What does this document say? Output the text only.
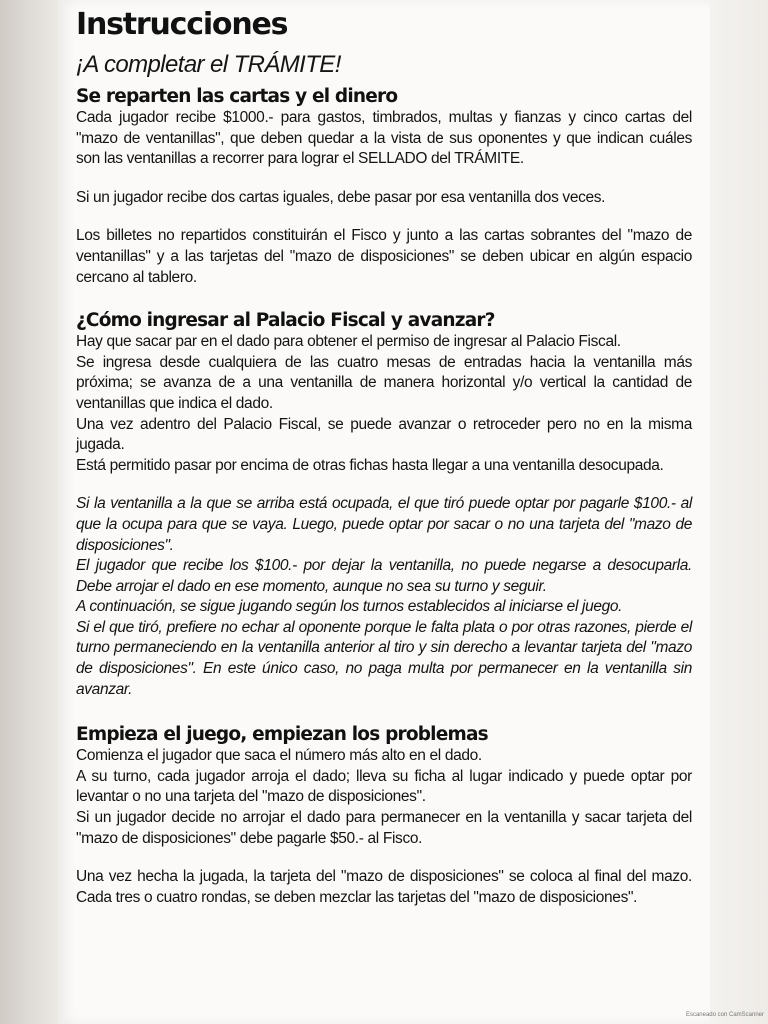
Instrucciones
¡A completar el TRÁMITE!
Se reparten las cartas y el dinero

Cada jugador recibe $1000.- para gastos, timbrados, multas y fianzas y cinco cartas del "mazo de ventanillas", que deben quedar a la vista de sus oponentes y que indican cuáles son las ventanillas a recorrer para lograr el SELLADO del TRÁMITE.

Si un jugador recibe dos cartas iguales, debe pasar por esa ventanilla dos veces.

Los billetes no repartidos constituirán el Fisco y junto a las cartas sobrantes del "mazo de ventanillas" y a las tarjetas del "mazo de disposiciones" se deben ubicar en algún espacio cercano al tablero.

¿Cómo ingresar al Palacio Fiscal y avanzar?

Hay que sacar par en el dado para obtener el permiso de ingresar al Palacio Fiscal.

Se ingresa desde cualquiera de las cuatro mesas de entradas hacia la ventanilla más próxima; se avanza de a una ventanilla de manera horizontal y/o vertical la cantidad de ventanillas que indica el dado.

Una vez adentro del Palacio Fiscal, se puede avanzar o retroceder pero no en la misma jugada.

Está permitido pasar por encima de otras fichas hasta llegar a una ventanilla desocupada.

Si la ventanilla a la que se arriba está ocupada, el que tiró puede optar por pagarle $100.- al que la ocupa para que se vaya. Luego, puede optar por sacar o no una tarjeta del "mazo de disposiciones".

El jugador que recibe los $100.- por dejar la ventanilla, no puede negarse a desocuparla. Debe arrojar el dado en ese momento, aunque no sea su turno y seguir.

A continuación, se sigue jugando según los turnos establecidos al iniciarse el juego.

Si el que tiró, prefiere no echar al oponente porque le falta plata o por otras razones, pierde el turno permaneciendo en la ventanilla anterior al tiro y sin derecho a levantar tarjeta del "mazo de disposiciones". En este único caso, no paga multa por permanecer en la ventanilla sin avanzar.

Empieza el juego, empiezan los problemas

Comienza el jugador que saca el número más alto en el dado.

A su turno, cada jugador arroja el dado; lleva su ficha al lugar indicado y puede optar por levantar o no una tarjeta del "mazo de disposiciones".

Si un jugador decide no arrojar el dado para permanecer en la ventanilla y sacar tarjeta del "mazo de disposiciones" debe pagarle $50.- al Fisco.

Una vez hecha la jugada, la tarjeta del "mazo de disposiciones" se coloca al final del mazo. Cada tres o cuatro rondas, se deben mezclar las tarjetas del "mazo de disposiciones".

Escaneado con CamScanner
